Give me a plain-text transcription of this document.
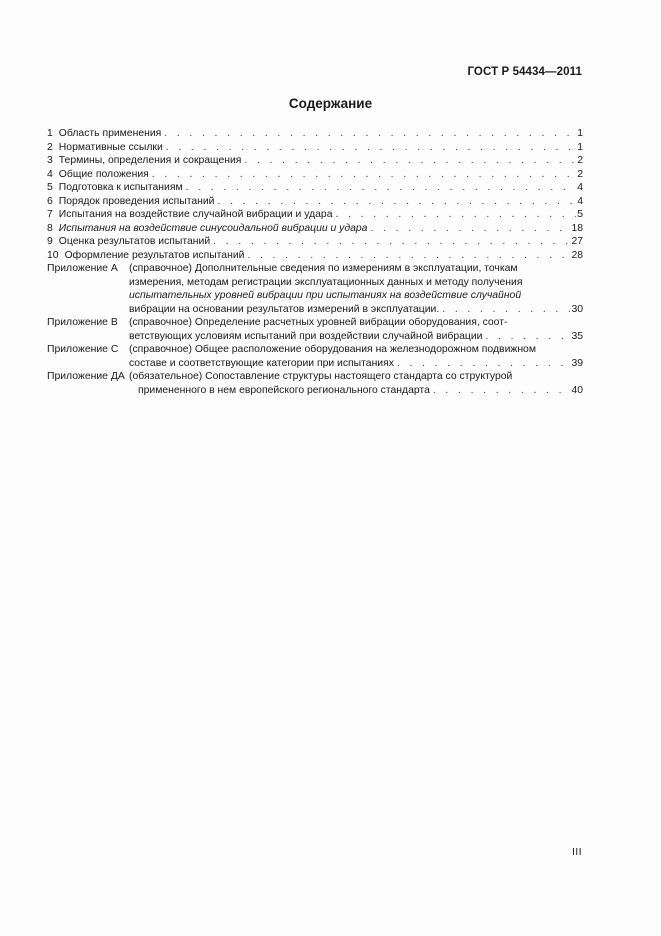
ГОСТ Р 54434—2011
Содержание
1 Область применения . . .	1
2 Нормативные ссылки . . .	1
3 Термины, определения и сокращения . . .	2
4 Общие положения . . .	2
5 Подготовка к испытаниям . . .	4
6 Порядок проведения испытаний . . .	4
7 Испытания на воздействие случайной вибрации и удара . . .	5
8 Испытания на воздействие синусоидальной вибрации и удара . . .	18
9 Оценка результатов испытаний . . .	27
10 Оформление результатов испытаний . . .	28
Приложение А	(справочное) Дополнительные сведения по измерениям в эксплуатации, точкам
измерения, методам регистрации эксплуатационных данных и методу получения
испытательных уровней вибрации при испытаниях на воздействие случайной
вибрации на основании результатов измерений в эксплуатации. . . .	30
Приложение В	(справочное) Определение расчетных уровней вибрации оборудования, соот-
ветствующих условиям испытаний при воздействии случайной вибрации . . .	35
Приложение С	(справочное) Общее расположение оборудования на железнодорожном подвижном
составе и соответствующие категории при испытаниях . . .	39
Приложение ДА (обязательное) Сопоставление структуры настоящего стандарта со структурой
примененного в нем европейского регионального стандарта . . .	40
III
